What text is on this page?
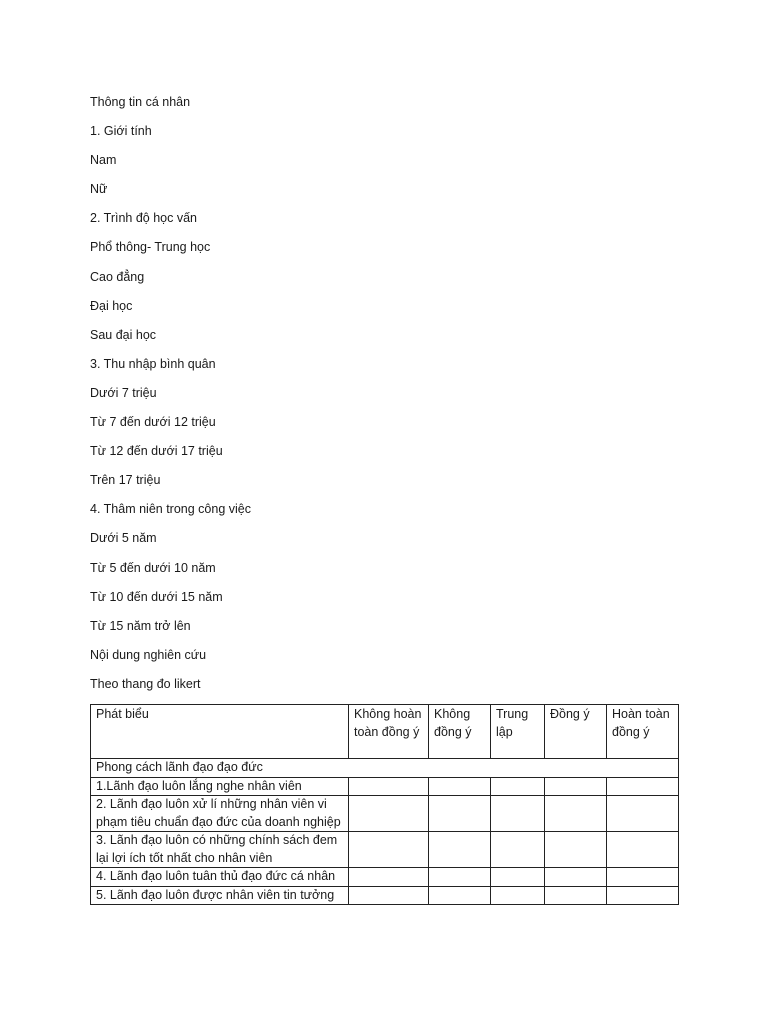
Thông tin cá nhân
1. Giới tính
Nam
Nữ
2. Trình độ học vấn
Phổ thông- Trung học
Cao đẳng
Đại học
Sau đại học
3. Thu nhập bình quân
Dưới 7 triệu
Từ 7 đến dưới 12 triệu
Từ 12 đến dưới 17 triệu
Trên 17 triệu
4. Thâm niên trong công việc
Dưới 5 năm
Từ 5 đến dưới 10 năm
Từ 10 đến dưới 15 năm
Từ 15 năm trở lên
Nội dung nghiên cứu
Theo thang đo likert
Phát biểu	Không hoàn toàn đồng ý	Không đồng ý	Trung lập	Đồng ý	Hoàn toàn đồng ý
Phong cách lãnh đạo đạo đức					
1.Lãnh đạo luôn lắng nghe nhân viên					
2. Lãnh đạo luôn xử lí những nhân viên vi phạm tiêu chuẩn đạo đức của doanh nghiệp					
3. Lãnh đạo luôn có những chính sách đem lại lợi ích tốt nhất cho nhân viên					
4. Lãnh đạo luôn tuân thủ đạo đức cá nhân					
5. Lãnh đạo luôn được nhân viên tin tưởng					
